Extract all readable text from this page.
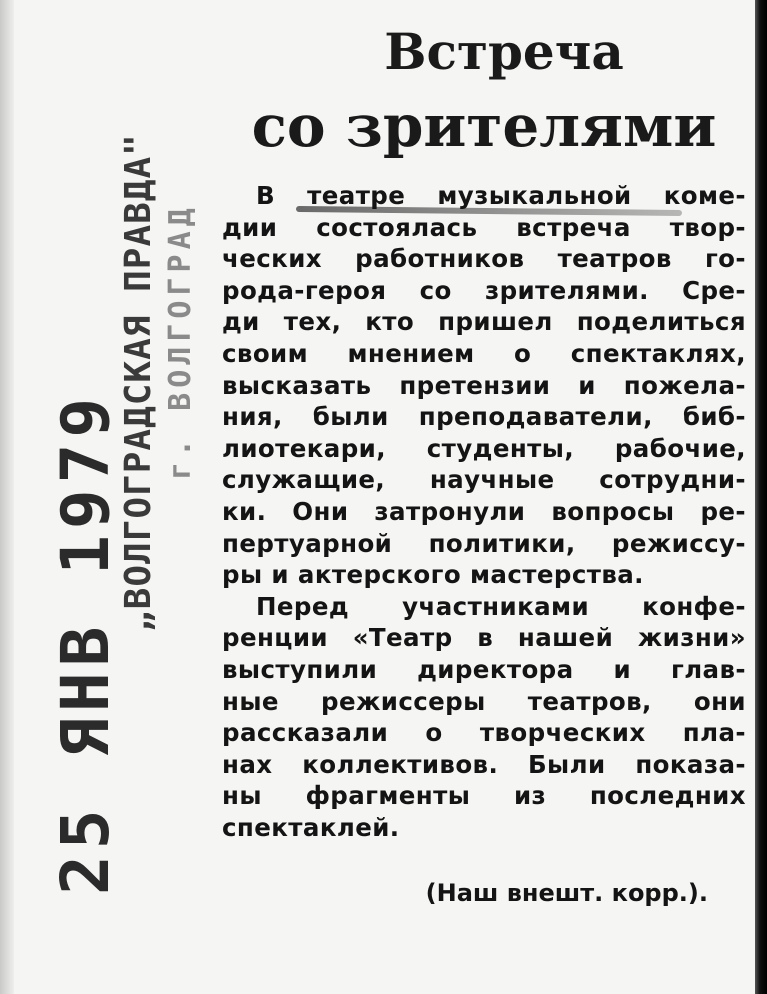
25 ЯНВ 1979
„ВОЛГОГРАДСКАЯ ПРАВДА" г. ВОЛГОГРАД
Встреча
со зрителями
В театре музыкальной коме-
дии состоялась встреча твор-
ческих работников театров го-
рода-героя со зрителями. Сре-
ди тех, кто пришел поделиться
своим мнением о спектаклях,
высказать претензии и пожела-
ния, были преподаватели, биб-
лиотекари, студенты, рабочие,
служащие, научные сотрудни-
ки. Они затронули вопросы ре-
пертуарной политики, режиссу-
ры и актерского мастерства.
Перед участниками конфе-
ренции «Театр в нашей жизни»
выступили директора и глав-
ные режиссеры театров, они
рассказали о творческих пла-
нах коллективов. Были показа-
ны фрагменты из последних
спектаклей.
(Наш внешт. корр.).
